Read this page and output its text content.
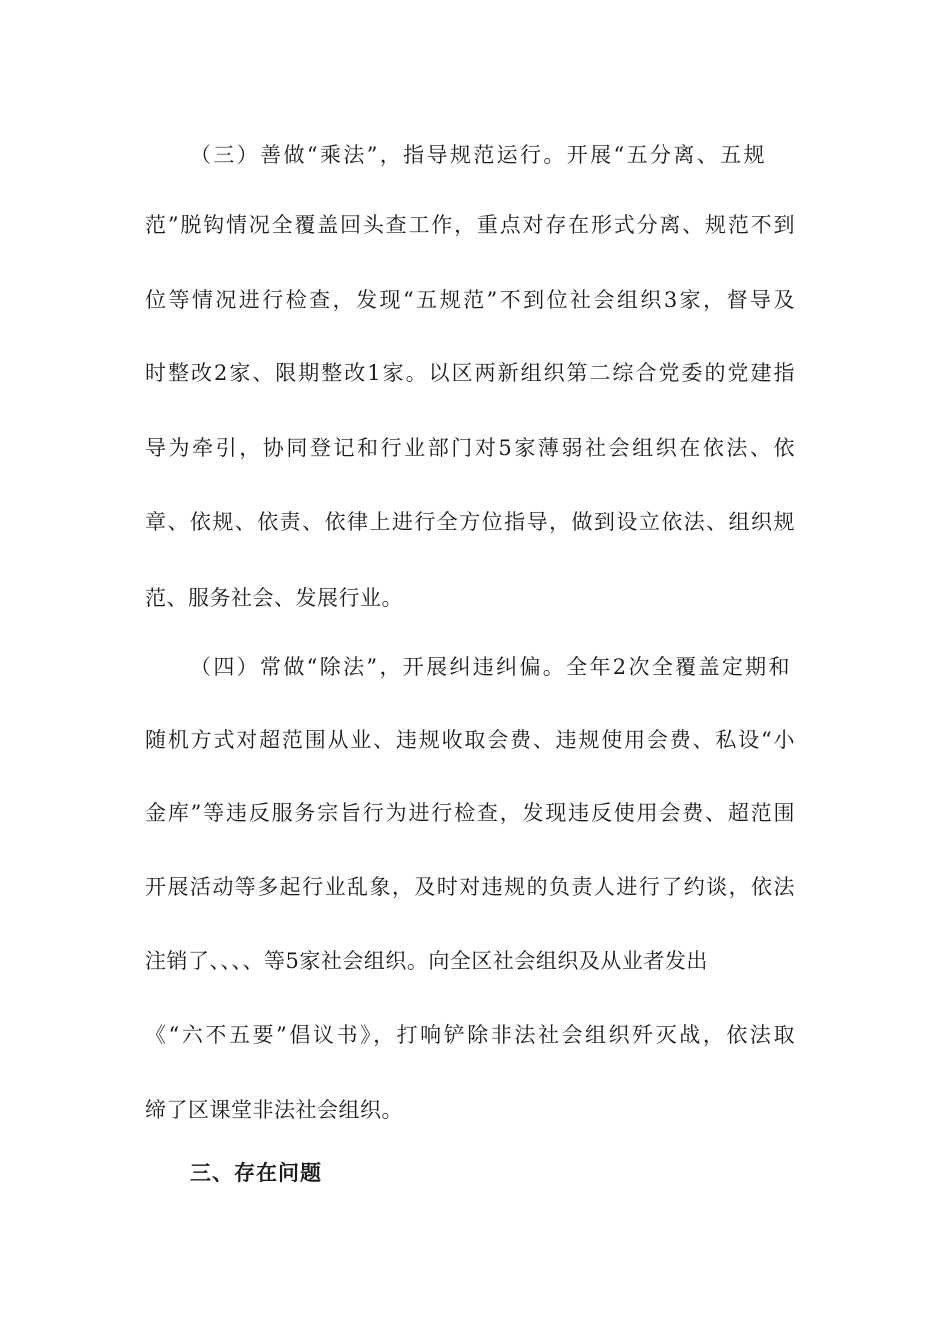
（三）善做“乘法”，指导规范运行。开展“五分离、五规
范”脱钩情况全覆盖回头查工作，重点对存在形式分离、规范不到
位等情况进行检查，发现“五规范”不到位社会组织3家，督导及
时整改2家、限期整改1家。以区两新组织第二综合党委的党建指
导为牵引，协同登记和行业部门对5家薄弱社会组织在依法、依
章、依规、依责、依律上进行全方位指导，做到设立依法、组织规
范、服务社会、发展行业。
（四）常做“除法”，开展纠违纠偏。全年2次全覆盖定期和
随机方式对超范围从业、违规收取会费、违规使用会费、私设“小
金库”等违反服务宗旨行为进行检查，发现违反使用会费、超范围
开展活动等多起行业乱象，及时对违规的负责人进行了约谈，依法
注销了、、、、等5家社会组织。向全区社会组织及从业者发出
《“六不五要”倡议书》，打响铲除非法社会组织歼灭战，依法取
缔了区课堂非法社会组织。
三、存在问题
